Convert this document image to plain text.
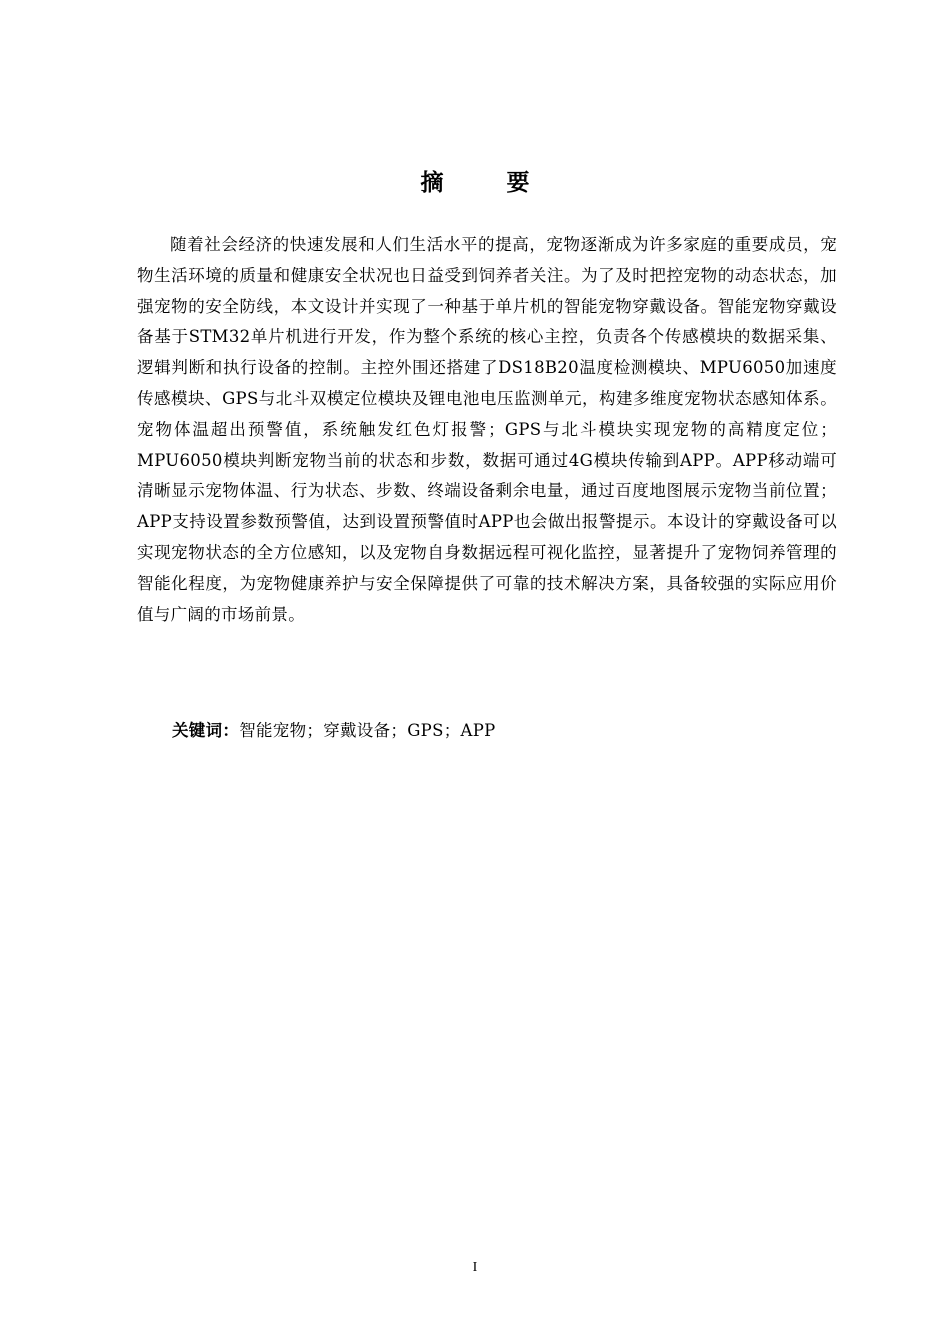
摘　要

随着社会经济的快速发展和人们生活水平的提高，宠物逐渐成为许多家庭的重要成员，宠物生活环境的质量和健康安全状况也日益受到饲养者关注。为了及时把控宠物的动态状态，加强宠物的安全防线，本文设计并实现了一种基于单片机的智能宠物穿戴设备。智能宠物穿戴设备基于STM32单片机进行开发，作为整个系统的核心主控，负责各个传感模块的数据采集、逻辑判断和执行设备的控制。主控外围还搭建了DS18B20温度检测模块、MPU6050加速度传感模块、GPS与北斗双模定位模块及锂电池电压监测单元，构建多维度宠物状态感知体系。宠物体温超出预警值，系统触发红色灯报警；GPS与北斗模块实现宠物的高精度定位；MPU6050模块判断宠物当前的状态和步数，数据可通过4G模块传输到APP。APP移动端可清晰显示宠物体温、行为状态、步数、终端设备剩余电量，通过百度地图展示宠物当前位置；APP支持设置参数预警值，达到设置预警值时APP也会做出报警提示。本设计的穿戴设备可以实现宠物状态的全方位感知，以及宠物自身数据远程可视化监控，显著提升了宠物饲养管理的智能化程度，为宠物健康养护与安全保障提供了可靠的技术解决方案，具备较强的实际应用价值与广阔的市场前景。

关键词：智能宠物；穿戴设备；GPS；APP
I
